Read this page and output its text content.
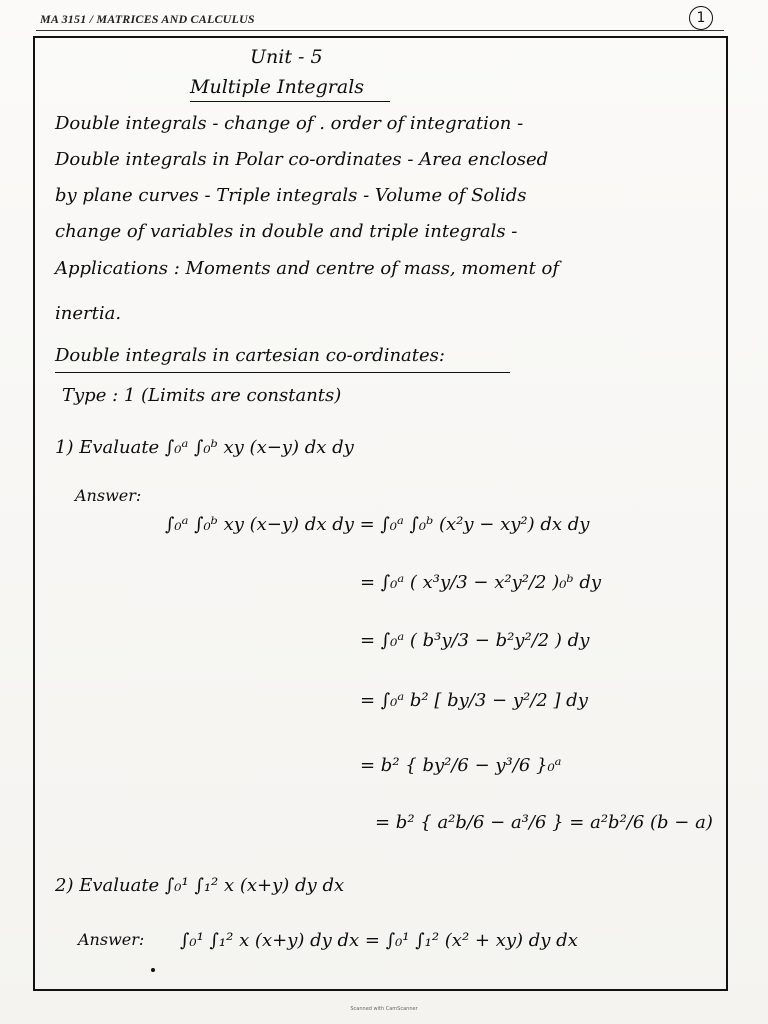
MA 3151 / MATRICES AND CALCULUS	1
Unit - 5
Multiple Integrals
Double integrals - change of . order of integration -
Double integrals in Polar co-ordinates - Area enclosed
by plane curves - Triple integrals - Volume of Solids
change of variables in double and triple integrals -
Applications : Moments and centre of mass, moment of
inertia.
Double integrals in cartesian co-ordinates:
Type : 1 (Limits are constants)
1) Evaluate ∫₀ᵃ ∫₀ᵇ xy (x−y) dx dy
Answer:
∫₀ᵃ ∫₀ᵇ xy (x−y) dx dy = ∫₀ᵃ ∫₀ᵇ (x²y − xy²) dx dy
= ∫₀ᵃ ( x³y/3 − x²y²/2 )₀ᵇ dy
= ∫₀ᵃ ( b³y/3 − b²y²/2 ) dy
= ∫₀ᵃ b² [ by/3 − y²/2 ] dy
= b² { by²/6 − y³/6 }₀ᵃ
= b² { a²b/6 − a³/6 } = a²b²/6 (b − a)
2) Evaluate ∫₀¹ ∫₁² x (x+y) dy dx
Answer: ∫₀¹ ∫₁² x (x+y) dy dx = ∫₀¹ ∫₁² (x² + xy) dy dx
Scanned with CamScanner
